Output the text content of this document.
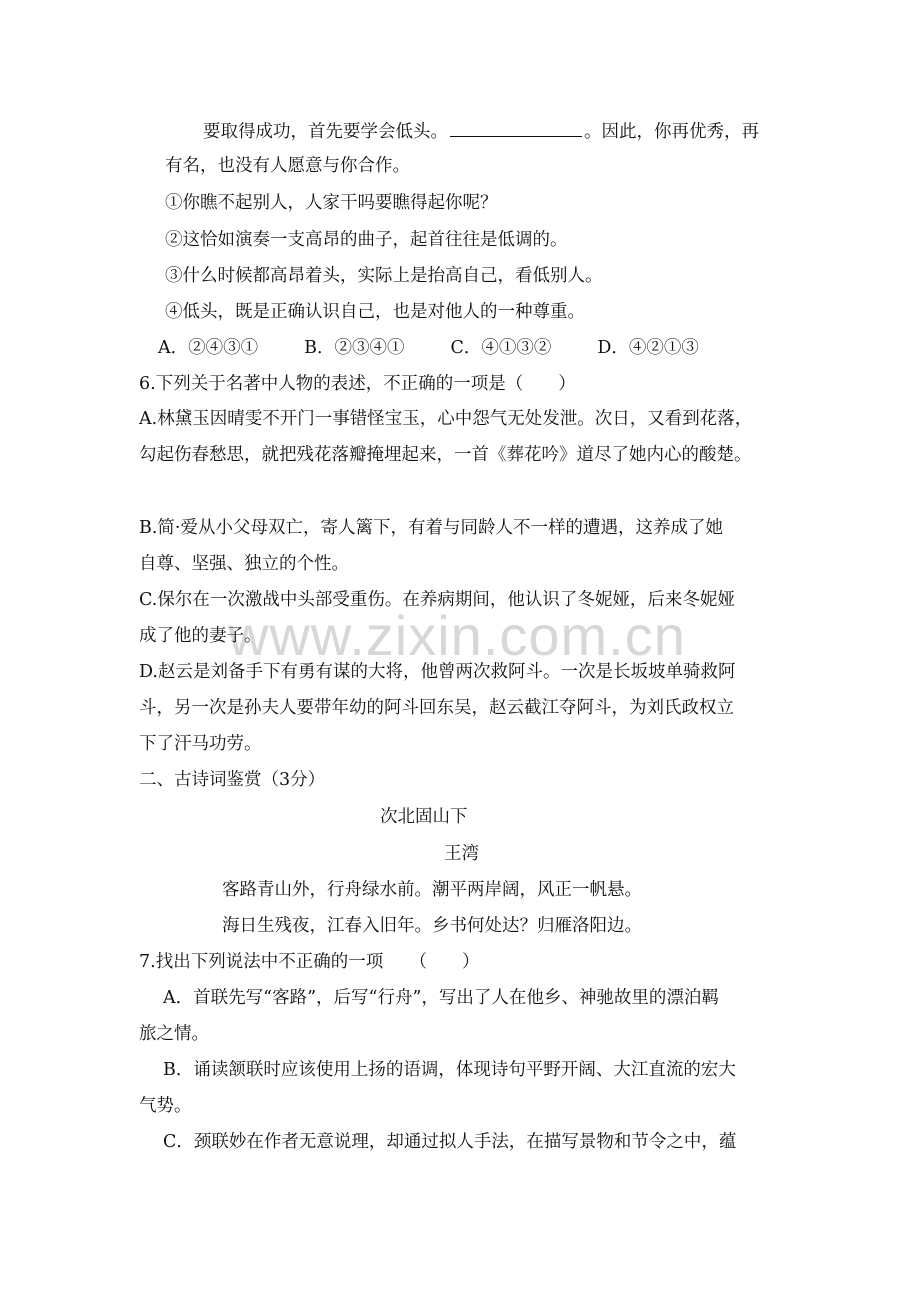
www.zixin.com.cn
要取得成功，首先要学会低头。	。因此，你再优秀，再
有名，也没有人愿意与你合作。
①你瞧不起别人，人家干吗要瞧得起你呢？
②这恰如演奏一支高昂的曲子，起首往往是低调的。
③什么时候都高昂着头，实际上是抬高自己，看低别人。
④低头，既是正确认识自己，也是对他人的一种尊重。
A．②④③①	B．②③④①	C．④①③②	D．④②①③
6.下列关于名著中人物的表述，不正确的一项是（　　）
A.林黛玉因晴雯不开门一事错怪宝玉，心中怨气无处发泄。次日，又看到花落，
勾起伤春愁思，就把残花落瓣掩埋起来，一首《葬花吟》道尽了她内心的酸楚。
B.简·爱从小父母双亡，寄人篱下，有着与同龄人不一样的遭遇，这养成了她
自尊、坚强、独立的个性。
C.保尔在一次激战中头部受重伤。在养病期间，他认识了冬妮娅，后来冬妮娅
成了他的妻子。
D.赵云是刘备手下有勇有谋的大将，他曾两次救阿斗。一次是长坂坡单骑救阿
斗，另一次是孙夫人要带年幼的阿斗回东吴，赵云截江夺阿斗，为刘氏政权立
下了汗马功劳。
二、古诗词鉴赏（3分）
次北固山下
王湾
客路青山外，行舟绿水前。潮平两岸阔，风正一帆悬。
海日生残夜，江春入旧年。乡书何处达？归雁洛阳边。
7.找出下列说法中不正确的一项　　（　　）
A．首联先写“客路”，后写“行舟”，写出了人在他乡、神驰故里的漂泊羁
旅之情。
B．诵读颔联时应该使用上扬的语调，体现诗句平野开阔、大江直流的宏大
气势。
C．颈联妙在作者无意说理，却通过拟人手法，在描写景物和节令之中，蕴
